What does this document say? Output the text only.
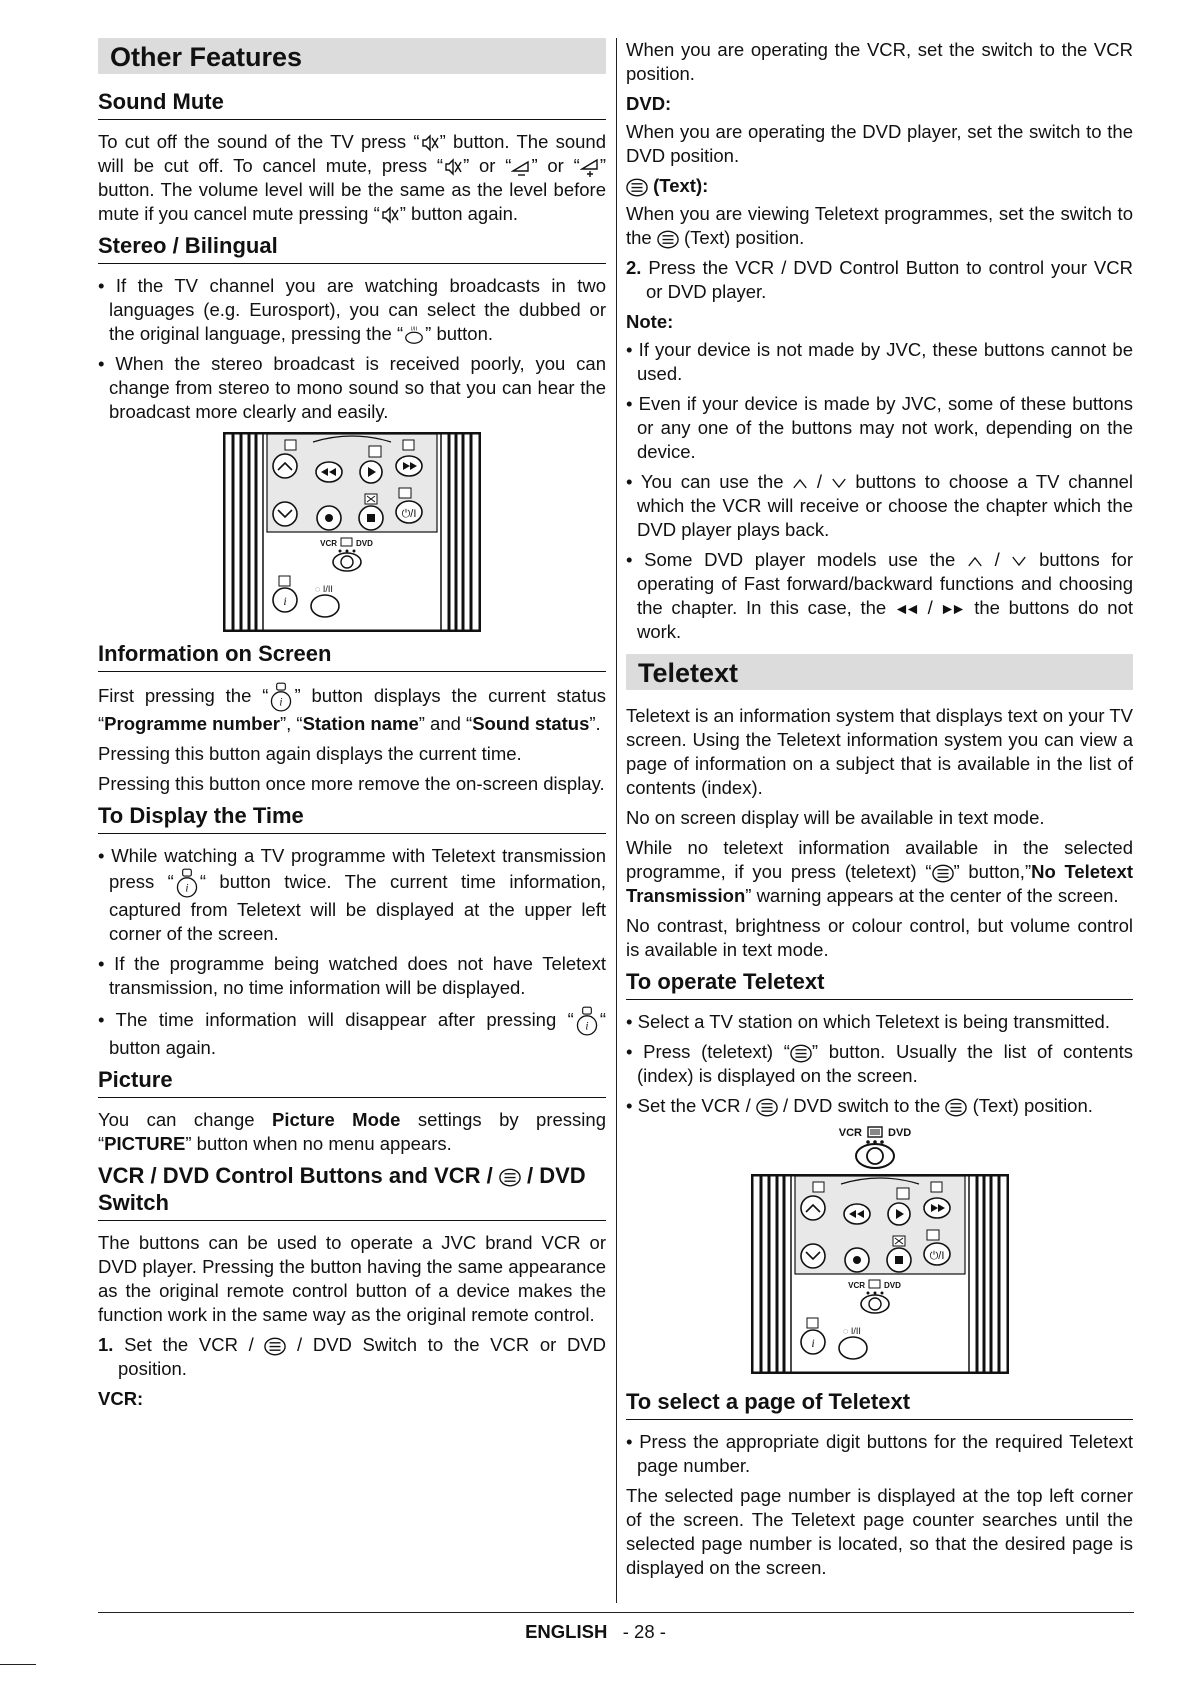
Other Features
Sound Mute

To cut off the sound of the TV press “ ” button. The sound will be cut off. To cancel mute, press “ ” or “ ” or “ ” button. The volume level will be the same as the level before mute if you cancel mute pressing “ ” button again.

Stereo / Bilingual
• If the TV channel you are watching broadcasts in two languages (e.g. Eurosport), you can select the dubbed or the original language, pressing the “ ” button.
• When the stereo broadcast is received poorly, you can change from stereo to mono sound so that you can hear the broadcast more clearly and easily.
Information on Screen

First pressing the “ ” button displays the current status “Programme number”, “Station name” and “Sound status”.

Pressing this button again displays the current time.

Pressing this button once more remove the on-screen display.

To Display the Time
• While watching a TV programme with Teletext transmission press “ “ button twice. The current time information, captured from Teletext will be displayed at the upper left corner of the screen.
• If the programme being watched does not have Teletext transmission, no time information will be displayed.
• The time information will disappear after pressing “ “ button again.
Picture

You can change Picture Mode settings by pressing “PICTURE” button when no menu appears.

VCR / DVD Control Buttons and VCR /  / DVD Switch

The buttons can be used to operate a JVC brand VCR or DVD player. Pressing the button having the same appearance as the original remote control button of a device makes the function work in the same way as the original remote control.

1. Set the VCR /  / DVD Switch to the VCR or DVD position.
VCR:

When you are operating the VCR, set the switch to the VCR position.

DVD:

When you are operating the DVD player, set the switch to the DVD position.

(Text):

When you are viewing Teletext programmes, set the switch to the  (Text) position.

2. Press the VCR / DVD Control Button to control your VCR or DVD player.
Note:
• If your device is not made by JVC, these buttons cannot be used.
• Even if your device is made by JVC, some of these buttons or any one of the buttons may not work, depending on the device.
• You can use the  /  buttons to choose a TV channel which the VCR will receive or choose the chapter which the DVD player plays back.
• Some DVD player models use the  /  buttons for operating of Fast forward/backward functions and choosing the chapter. In this case, the  /  the buttons do not work.
Teletext

Teletext is an information system that displays text on your TV screen. Using the Teletext information system you can view a page of information on a subject that is available in the list of contents (index).

No on screen display will be available in text mode.

While no teletext information available in the selected programme, if you press (teletext) “ ” button,”No Teletext Transmission” warning appears at the center of the screen.

No contrast, brightness or colour control, but volume control is available in text mode.

To operate Teletext
• Select a TV station on which Teletext is being transmitted.
• Press (teletext) “ ” button. Usually the list of contents (index) is displayed on the screen.
• Set the VCR /  / DVD switch to the  (Text) position.
To select a page of Teletext
• Press the appropriate digit buttons for the required Teletext page number.

The selected page number is displayed at the top left corner of the screen. The Teletext page counter searches until the selected page number is located, so that the desired page is displayed on the screen.

ENGLISH - 28 -
